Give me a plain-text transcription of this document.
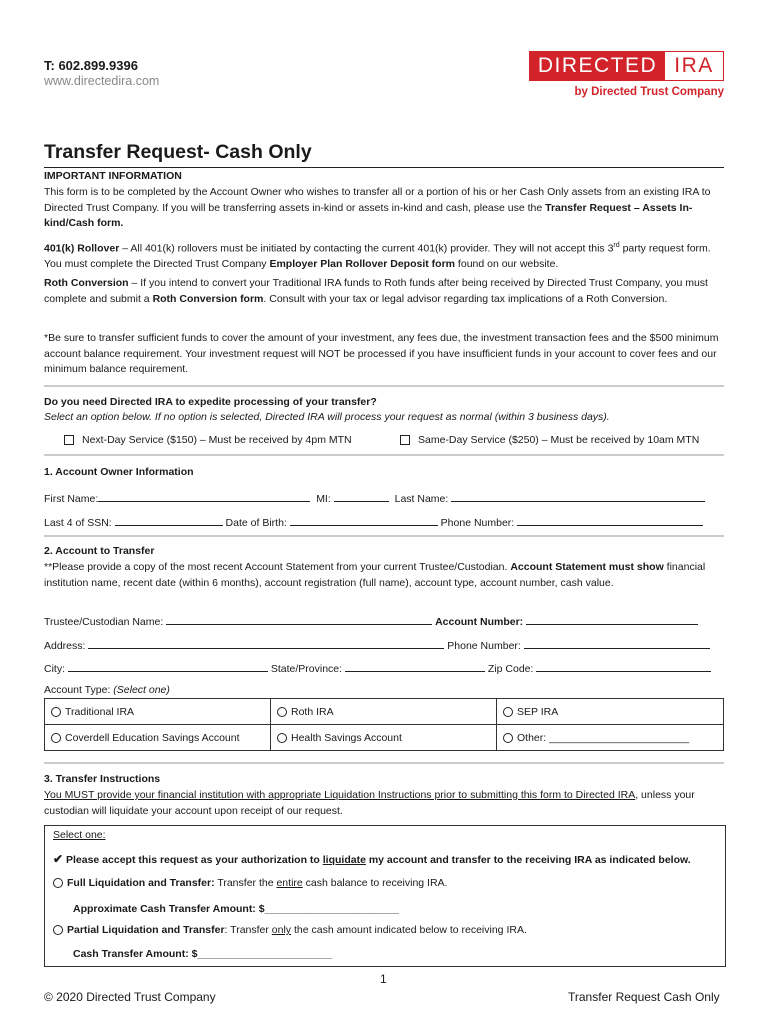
T: 602.899.9396
www.directedira.com
DIRECTED IRA
by Directed Trust Company
Transfer Request- Cash Only
IMPORTANT INFORMATION
This form is to be completed by the Account Owner who wishes to transfer all or a portion of his or her Cash Only assets from an existing IRA to Directed Trust Company. If you will be transferring assets in-kind or assets in-kind and cash, please use the Transfer Request – Assets In-kind/Cash form.
401(k) Rollover – All 401(k) rollovers must be initiated by contacting the current 401(k) provider. They will not accept this 3rd party request form. You must complete the Directed Trust Company Employer Plan Rollover Deposit form found on our website.
Roth Conversion – If you intend to convert your Traditional IRA funds to Roth funds after being received by Directed Trust Company, you must complete and submit a Roth Conversion form. Consult with your tax or legal advisor regarding tax implications of a Roth Conversion.
*Be sure to transfer sufficient funds to cover the amount of your investment, any fees due, the investment transaction fees and the $500 minimum account balance requirement. Your investment request will NOT be processed if you have insufficient funds in your account to cover fees and our minimum balance requirement.
Do you need Directed IRA to expedite processing of your transfer?
Select an option below. If no option is selected, Directed IRA will process your request as normal (within 3 business days).
Next-Day Service ($150) – Must be received by 4pm MTN	Same-Day Service ($250) – Must be received by 10am MTN
1. Account Owner Information
First Name:	MI:	Last Name:
Last 4 of SSN:	Date of Birth:	Phone Number:
2. Account to Transfer
**Please provide a copy of the most recent Account Statement from your current Trustee/Custodian. Account Statement must show financial institution name, recent date (within 6 months), account registration (full name), account type, account number, cash value.
Trustee/Custodian Name:	Account Number:
Address:	Phone Number:
City:	State/Province:	Zip Code:
Account Type: (Select one)
Traditional IRA	Roth IRA	SEP IRA
Coverdell Education Savings Account	Health Savings Account	Other: ________________________
3. Transfer Instructions
You MUST provide your financial institution with appropriate Liquidation Instructions prior to submitting this form to Directed IRA, unless your custodian will liquidate your account upon receipt of our request.
Select one:
✔ Please accept this request as your authorization to liquidate my account and transfer to the receiving IRA as indicated below.
Full Liquidation and Transfer: Transfer the entire cash balance to receiving IRA.
Approximate Cash Transfer Amount: $_______________________
Partial Liquidation and Transfer: Transfer only the cash amount indicated below to receiving IRA.
Cash Transfer Amount: $_______________________
1
© 2020 Directed Trust Company	Transfer Request Cash Only
